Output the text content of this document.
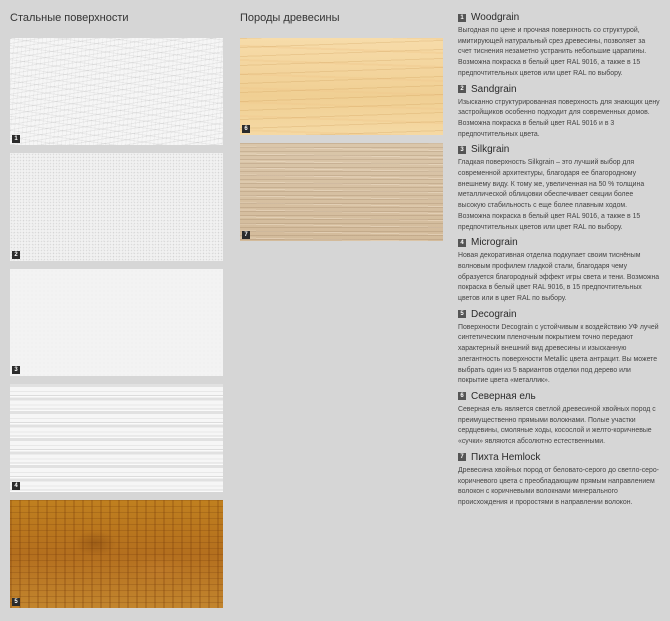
Стальные поверхности	Породы древесины
1
2
3
4
5
6
7
1 Woodgrain

Выгодная по цене и прочная поверхность со структурой, имитирующей натуральный срез древесины, позволяет за счет тиснения незаметно устранить небольшие царапины. Возможна покраска в белый цвет RAL 9016, а также в 15 предпочтительных цветов или цвет RAL по выбору.

2 Sandgrain

Изысканно структурированная поверхность для знающих цену застройщиков особенно подходит для современных домов. Возможна покраска в белый цвет RAL 9016 и в 3 предпочтительных цвета.

3 Silkgrain

Гладкая поверхность Silkgrain – это лучший выбор для современной архитектуры, благодаря ее благородному внешнему виду. К тому же, увеличенная на 50 % толщина металлической облицовки обеспечивает секции более высокую стабильность с еще более плавным ходом. Возможна покраска в белый цвет RAL 9016, а также в 15 предпочтительных цветов или цвет RAL по выбору.

4 Micrograin

Новая декоративная отделка подкупает своим тиснёным волновым профилем гладкой стали, благодаря чему образуется благородный эффект игры света и тени. Возможна покраска в белый цвет RAL 9016, в 15 предпочтительных цветов или в цвет RAL по выбору.

5 Decograin

Поверхности Decograin с устойчивым к воздействию УФ лучей синтетическим пленочным покрытием точно передают характерный внешний вид древесины и изысканную элегантность поверхности Metallic цвета антрацит. Вы можете выбрать один из 5 вариантов отделки под дерево или покрытие цвета «металлик».

6 Северная ель

Северная ель является светлой древесиной хвойных пород с преимущественно прямыми волокнами. Полые участки сердцевины, смоляные ходы, косослой и желто-коричневые «сучки» являются абсолютно естественными.

7 Пихта Hemlock

Древесина хвойных пород от беловато-серого до светло-серо-коричневого цвета с преобладающим прямым направлением волокон с коричневыми волокнами минерального происхождения и проростями в направлении волокон.
